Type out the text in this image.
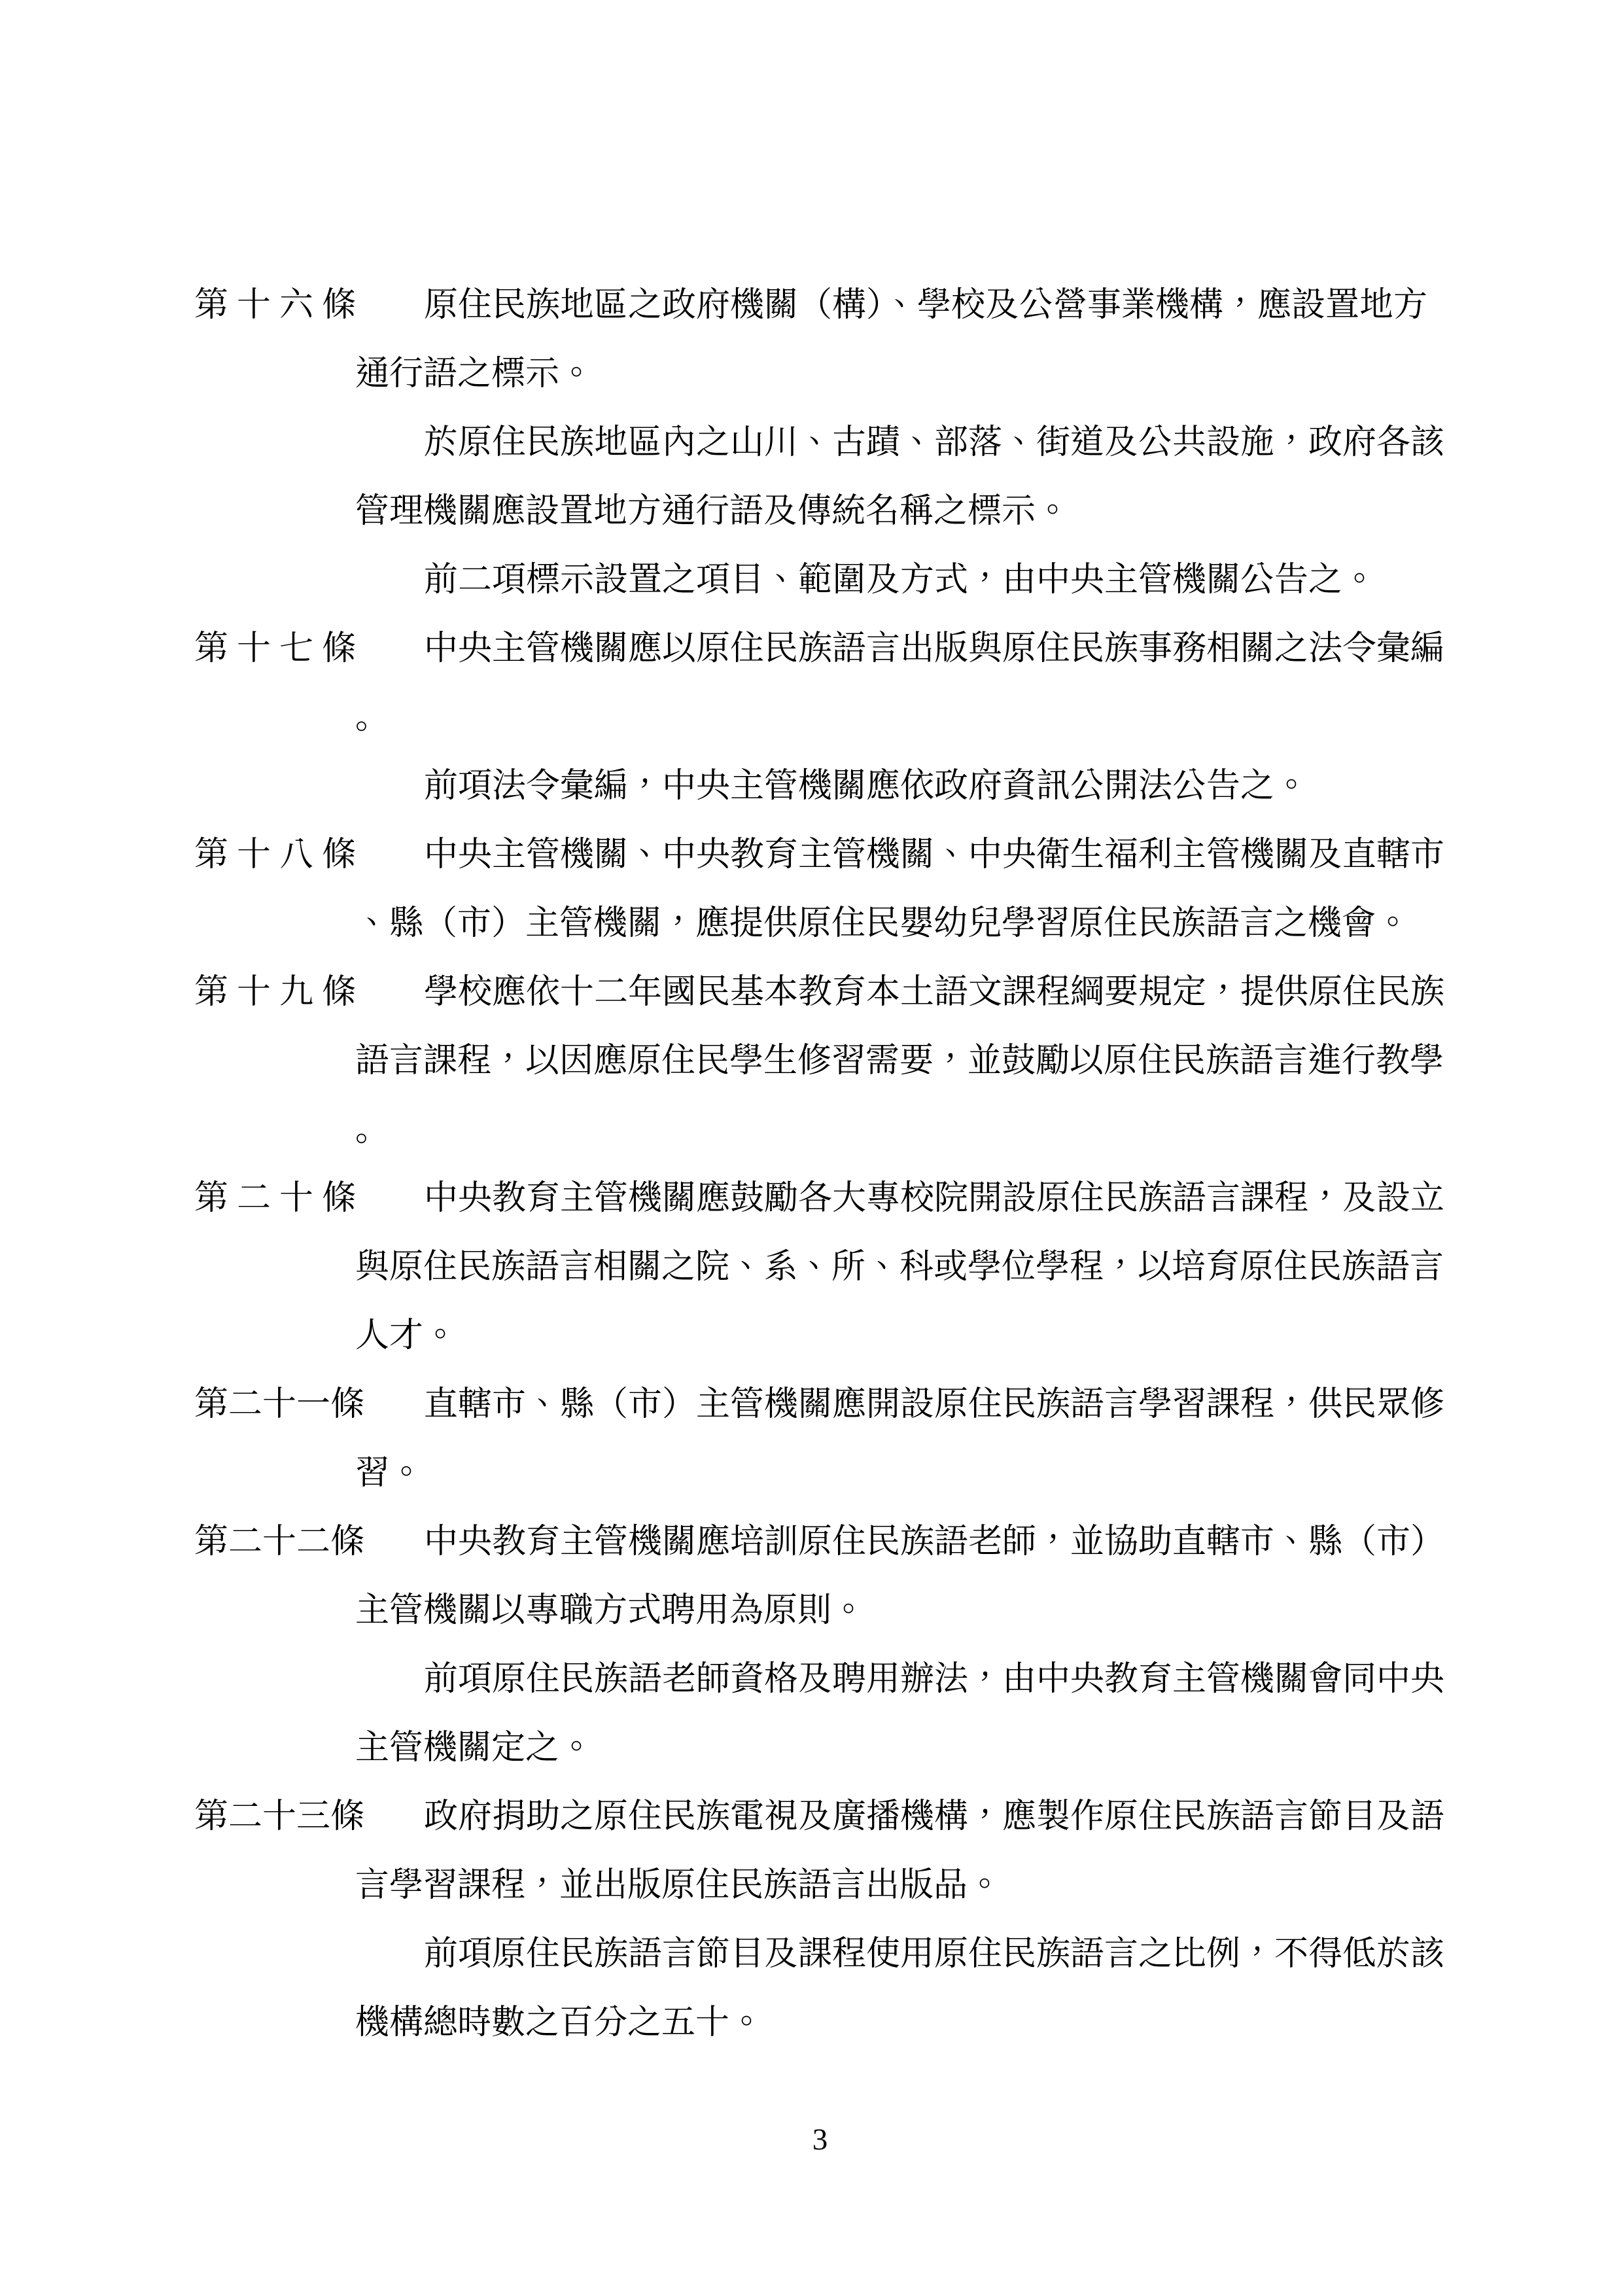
第 十 六 條 原住民族地區之政府機關（構）、學校及公營事業機構，應設置地方
通行語之標示。
於原住民族地區內之山川、古蹟、部落、街道及公共設施，政府各該
管理機關應設置地方通行語及傳統名稱之標示。
前二項標示設置之項目、範圍及方式，由中央主管機關公告之。
第 十 七 條 中央主管機關應以原住民族語言出版與原住民族事務相關之法令彙編
。
前項法令彙編，中央主管機關應依政府資訊公開法公告之。
第 十 八 條 中央主管機關、中央教育主管機關、中央衛生福利主管機關及直轄市
、縣（市）主管機關，應提供原住民嬰幼兒學習原住民族語言之機會。
第 十 九 條 學校應依十二年國民基本教育本土語文課程綱要規定，提供原住民族
語言課程，以因應原住民學生修習需要，並鼓勵以原住民族語言進行教學
。
第 二 十 條 中央教育主管機關應鼓勵各大專校院開設原住民族語言課程，及設立
與原住民族語言相關之院、系、所、科或學位學程，以培育原住民族語言
人才。
第二十一條 直轄市、縣（市）主管機關應開設原住民族語言學習課程，供民眾修
習。
第二十二條 中央教育主管機關應培訓原住民族語老師，並協助直轄市、縣（市）
主管機關以專職方式聘用為原則。
前項原住民族語老師資格及聘用辦法，由中央教育主管機關會同中央
主管機關定之。
第二十三條 政府捐助之原住民族電視及廣播機構，應製作原住民族語言節目及語
言學習課程，並出版原住民族語言出版品。
前項原住民族語言節目及課程使用原住民族語言之比例，不得低於該
機構總時數之百分之五十。
3
